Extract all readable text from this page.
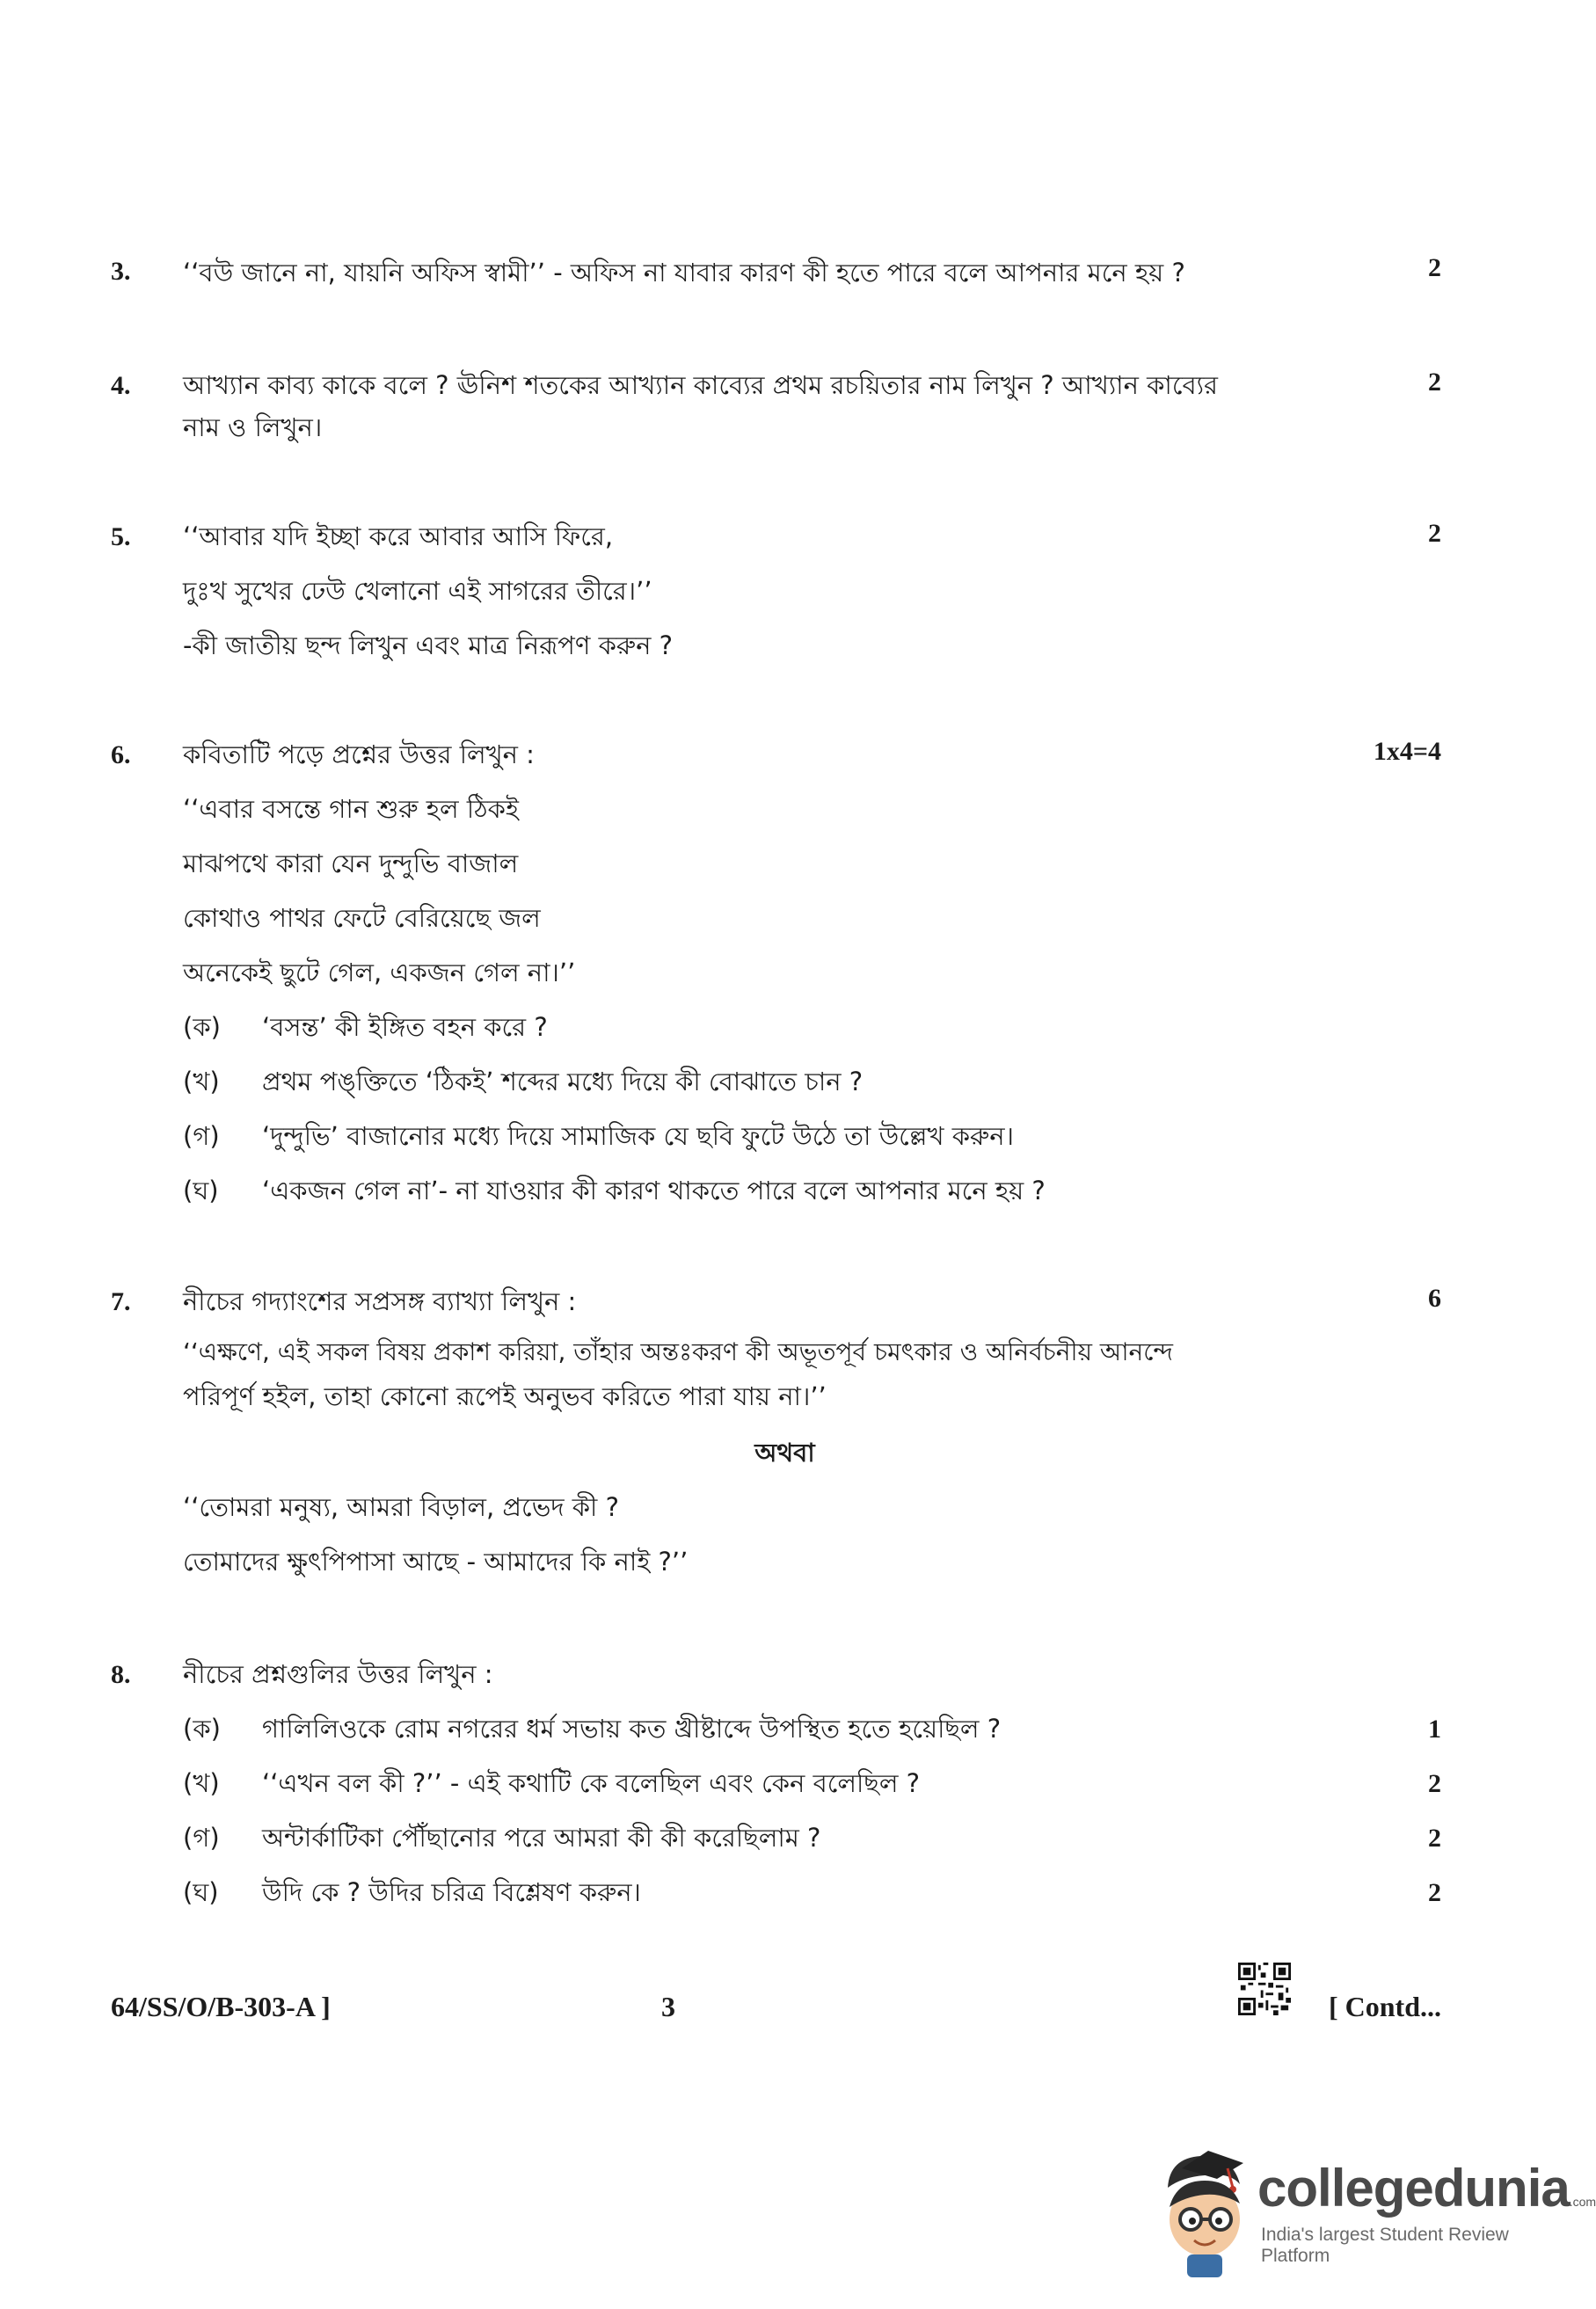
3.	2
‘‘বউ জানে না, যায়নি অফিস স্বামী’’ - অফিস না যাবার কারণ কী হতে পারে বলে আপনার মনে হয় ?
4.	2
আখ্যান কাব্য কাকে বলে ? ঊনিশ শতকের আখ্যান কাব্যের প্রথম রচয়িতার নাম লিখুন ? আখ্যান কাব্যের
নাম ও লিখুন।
5.	2
‘‘আবার যদি ইচ্ছা করে আবার আসি ফিরে,
দুঃখ সুখের ঢেউ খেলানো এই সাগরের তীরে।’’
-কী জাতীয় ছন্দ লিখুন এবং মাত্র নিরূপণ করুন ?
6.	1x4=4
কবিতাটি পড়ে প্রশ্নের উত্তর লিখুন :
‘‘এবার বসন্তে গান শুরু হল ঠিকই
মাঝপথে কারা যেন দুন্দুভি বাজাল
কোথাও পাথর ফেটে বেরিয়েছে জল
অনেকেই ছুটে গেল, একজন গেল না।’’
(ক) ‘বসন্ত’ কী ইঙ্গিত বহন করে ?
(খ) প্রথম পঙ্‌ক্তিতে ‘ঠিকই’ শব্দের মধ্যে দিয়ে কী বোঝাতে চান ?
(গ) ‘দুন্দুভি’ বাজানোর মধ্যে দিয়ে সামাজিক যে ছবি ফুটে উঠে তা উল্লেখ করুন।
(ঘ) ‘একজন গেল না’- না যাওয়ার কী কারণ থাকতে পারে বলে আপনার মনে হয় ?
7.	6
নীচের গদ্যাংশের সপ্রসঙ্গ ব্যাখ্যা লিখুন :
‘‘এক্ষণে, এই সকল বিষয় প্রকাশ করিয়া, তাঁহার অন্তঃকরণ কী অভূতপূর্ব চমৎকার ও অনির্বচনীয় আনন্দে
পরিপূর্ণ হইল, তাহা কোনো রূপেই অনুভব করিতে পারা যায় না।’’
অথবা
‘‘তোমরা মনুষ্য, আমরা বিড়াল, প্রভেদ কী ?
তোমাদের ক্ষুৎপিপাসা আছে - আমাদের কি নাই ?’’
8. নীচের প্রশ্নগুলির উত্তর লিখুন :
(ক) গালিলিওকে রোম নগরের ধর্ম সভায় কত খ্রীষ্টাব্দে উপস্থিত হতে হয়েছিল ?	1
(খ) ‘‘এখন বল কী ?’’ - এই কথাটি কে বলেছিল এবং কেন বলেছিল ?	2
(গ) অন্টার্কাটিকা পৌঁছানোর পরে আমরা কী কী করেছিলাম ?	2
(ঘ) উদি কে ? উদির চরিত্র বিশ্লেষণ করুন।	2
64/SS/O/B-303-A ]	3	[ Contd...
collegedunia.com
India's largest Student Review Platform
